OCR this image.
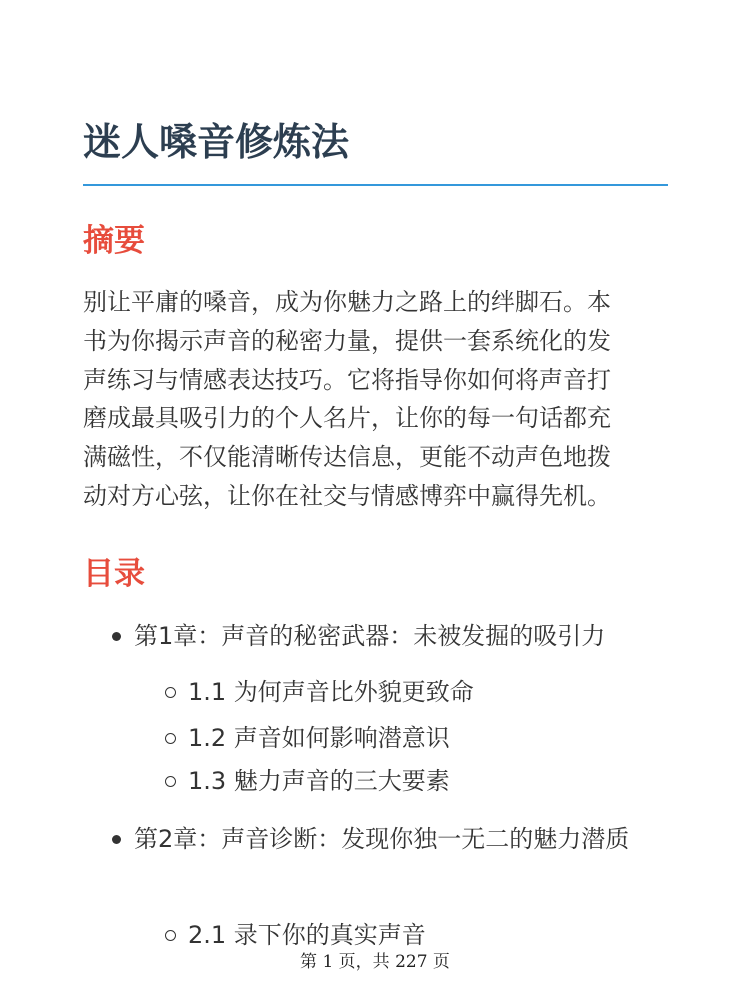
迷人嗓音修炼法
摘要

别让平庸的嗓音，成为你魅力之路上的绊脚石。本
书为你揭示声音的秘密力量，提供一套系统化的发
声练习与情感表达技巧。它将指导你如何将声音打
磨成最具吸引力的个人名片，让你的每一句话都充
满磁性，不仅能清晰传达信息，更能不动声色地拨
动对方心弦，让你在社交与情感博弈中赢得先机。

目录
第1章：声音的秘密武器：未被发掘的吸引力
1.1 为何声音比外貌更致命
1.2 声音如何影响潜意识
1.3 魅力声音的三大要素
第2章：声音诊断：发现你独一无二的魅力潜质
2.1 录下你的真实声音
第 1 页，共 227 页
